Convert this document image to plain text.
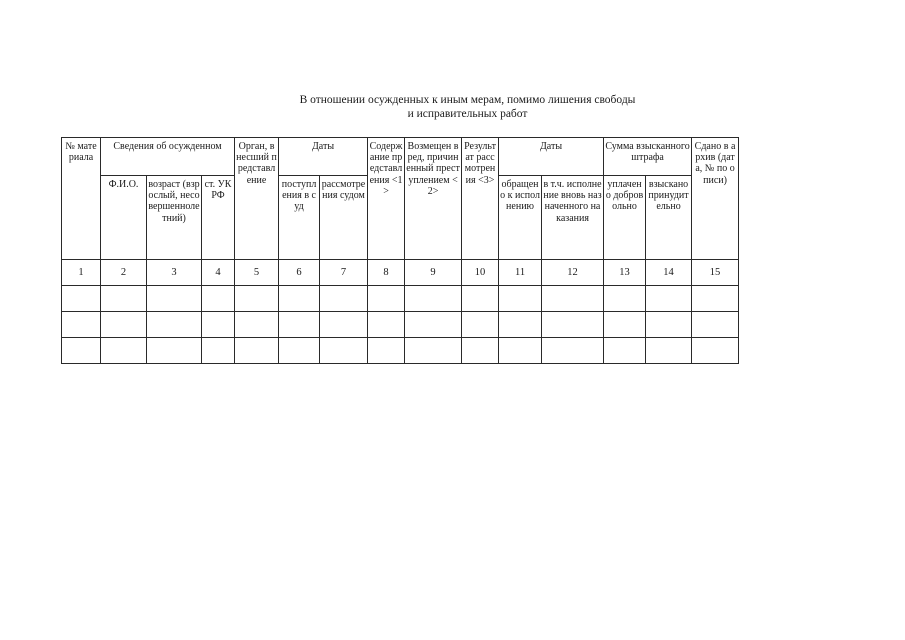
В отношении осужденных к иным мерам, помимо лишения свободы
и исправительных работ
№ материала	Сведения об осужденном			Орган, внесший представление	Даты		Содержание представления <1>	Возмещен вред, причиненный преступлением <2>	Результат рассмотрения <3>	Даты		Сумма взысканного штрафа		Сдано в архив (дата, № по описи)
	Ф.И.О.	возраст (взрослый, несовершеннолетний)	ст. УК РФ		поступления в суд	рассмотрения судом				обращено к исполнению	в т.ч. исполнение вновь назначенного наказания			
												уплачено добровольно	взыскано принудительно	
1	2	3	4	5	6	7	8	9	10	11	12	13	14	15
